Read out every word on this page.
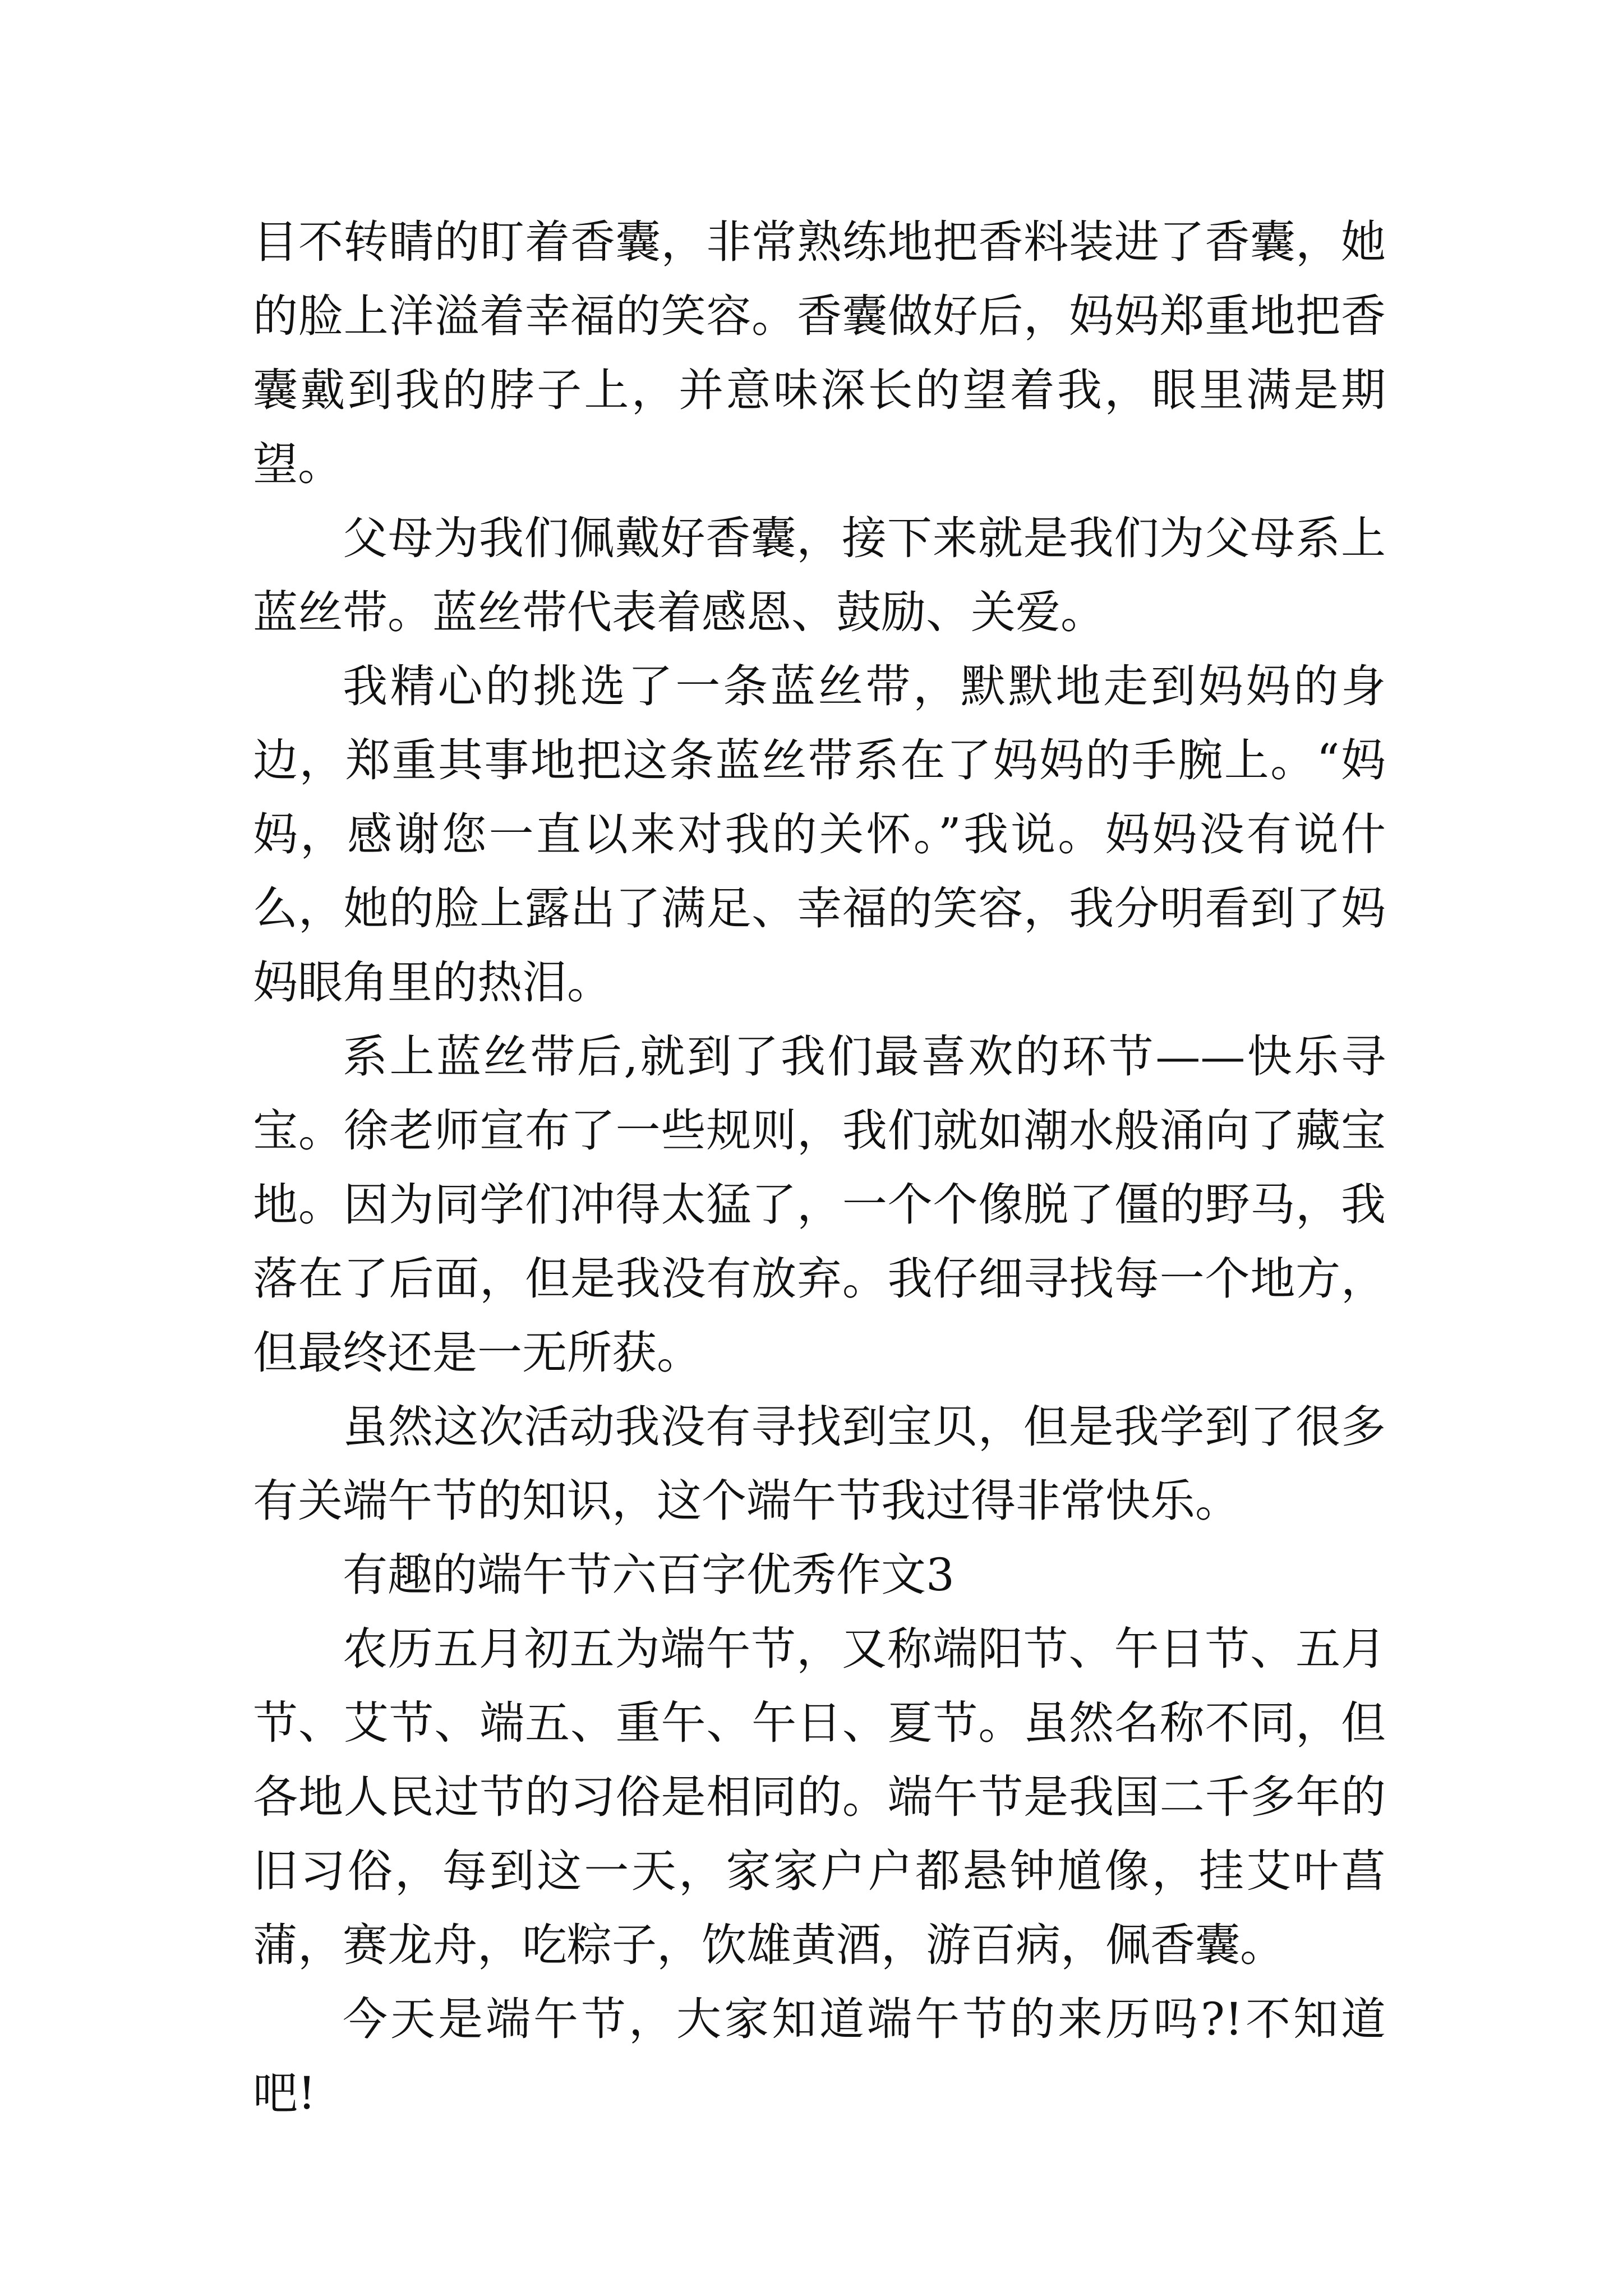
目不转睛的盯着香囊，非常熟练地把香料装进了香囊，她的脸上洋溢着幸福的笑容。香囊做好后，妈妈郑重地把香囊戴到我的脖子上，并意味深长的望着我，眼里满是期望。

父母为我们佩戴好香囊，接下来就是我们为父母系上蓝丝带。蓝丝带代表着感恩、鼓励、关爱。

我精心的挑选了一条蓝丝带，默默地走到妈妈的身边，郑重其事地把这条蓝丝带系在了妈妈的手腕上。“妈妈，感谢您一直以来对我的关怀。”我说。妈妈没有说什么，她的脸上露出了满足、幸福的笑容，我分明看到了妈妈眼角里的热泪。

系上蓝丝带后,就到了我们最喜欢的环节——快乐寻宝。徐老师宣布了一些规则，我们就如潮水般涌向了藏宝地。因为同学们冲得太猛了，一个个像脱了僵的野马，我落在了后面，但是我没有放弃。我仔细寻找每一个地方，但最终还是一无所获。

虽然这次活动我没有寻找到宝贝，但是我学到了很多有关端午节的知识，这个端午节我过得非常快乐。

有趣的端午节六百字优秀作文3

农历五月初五为端午节，又称端阳节、午日节、五月节、艾节、端五、重午、午日、夏节。虽然名称不同，但各地人民过节的习俗是相同的。端午节是我国二千多年的旧习俗，每到这一天，家家户户都悬钟馗像，挂艾叶菖蒲，赛龙舟，吃粽子，饮雄黄酒，游百病，佩香囊。

今天是端午节，大家知道端午节的来历吗?!不知道吧!
